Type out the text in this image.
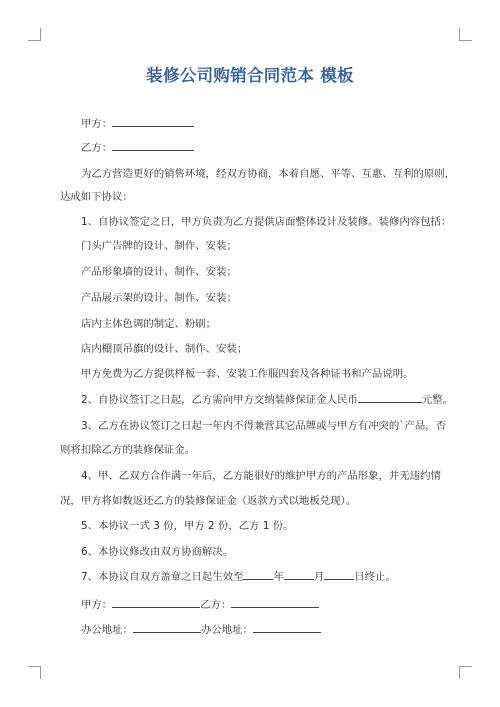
装修公司购销合同范本 模板
甲方：
乙方：
为乙方营造更好的销售环境，经双方协商，本着自愿、平等、互惠、互利的原则，
达成如下协议：
1、自协议签定之日，甲方负责为乙方提供店面整体设计及装修。装修内容包括：
门头广告牌的设计、制作、安装；
产品形象墙的设计、制作、安装；
产品展示架的设计、制作、安装；
店内主体色调的制定、粉刷；
店内棚顶吊旗的设计、制作、安装；
甲方免费为乙方提供样板一套、安装工作服四套及各种证书和产品说明。
2、自协议签订之日起，乙方需向甲方交纳装修保证金人民币	元整。
3、乙方在协议签订之日起一年内不得兼营其它品牌或与甲方有冲突的`产品，否
则将扣除乙方的装修保证金。
4、甲、乙双方合作满一年后，乙方能很好的维护甲方的产品形象，并无违约情
况，甲方将如数返还乙方的装修保证金（返款方式以地板兑现）。
5、本协议一式 3 份，甲方 2 份，乙方 1 份。
6、本协议修改由双方协商解决。
7、本协议自双方盖章之日起生效至	年	月	日终止。
甲方：	乙方：
办公地址：	办公地址：
